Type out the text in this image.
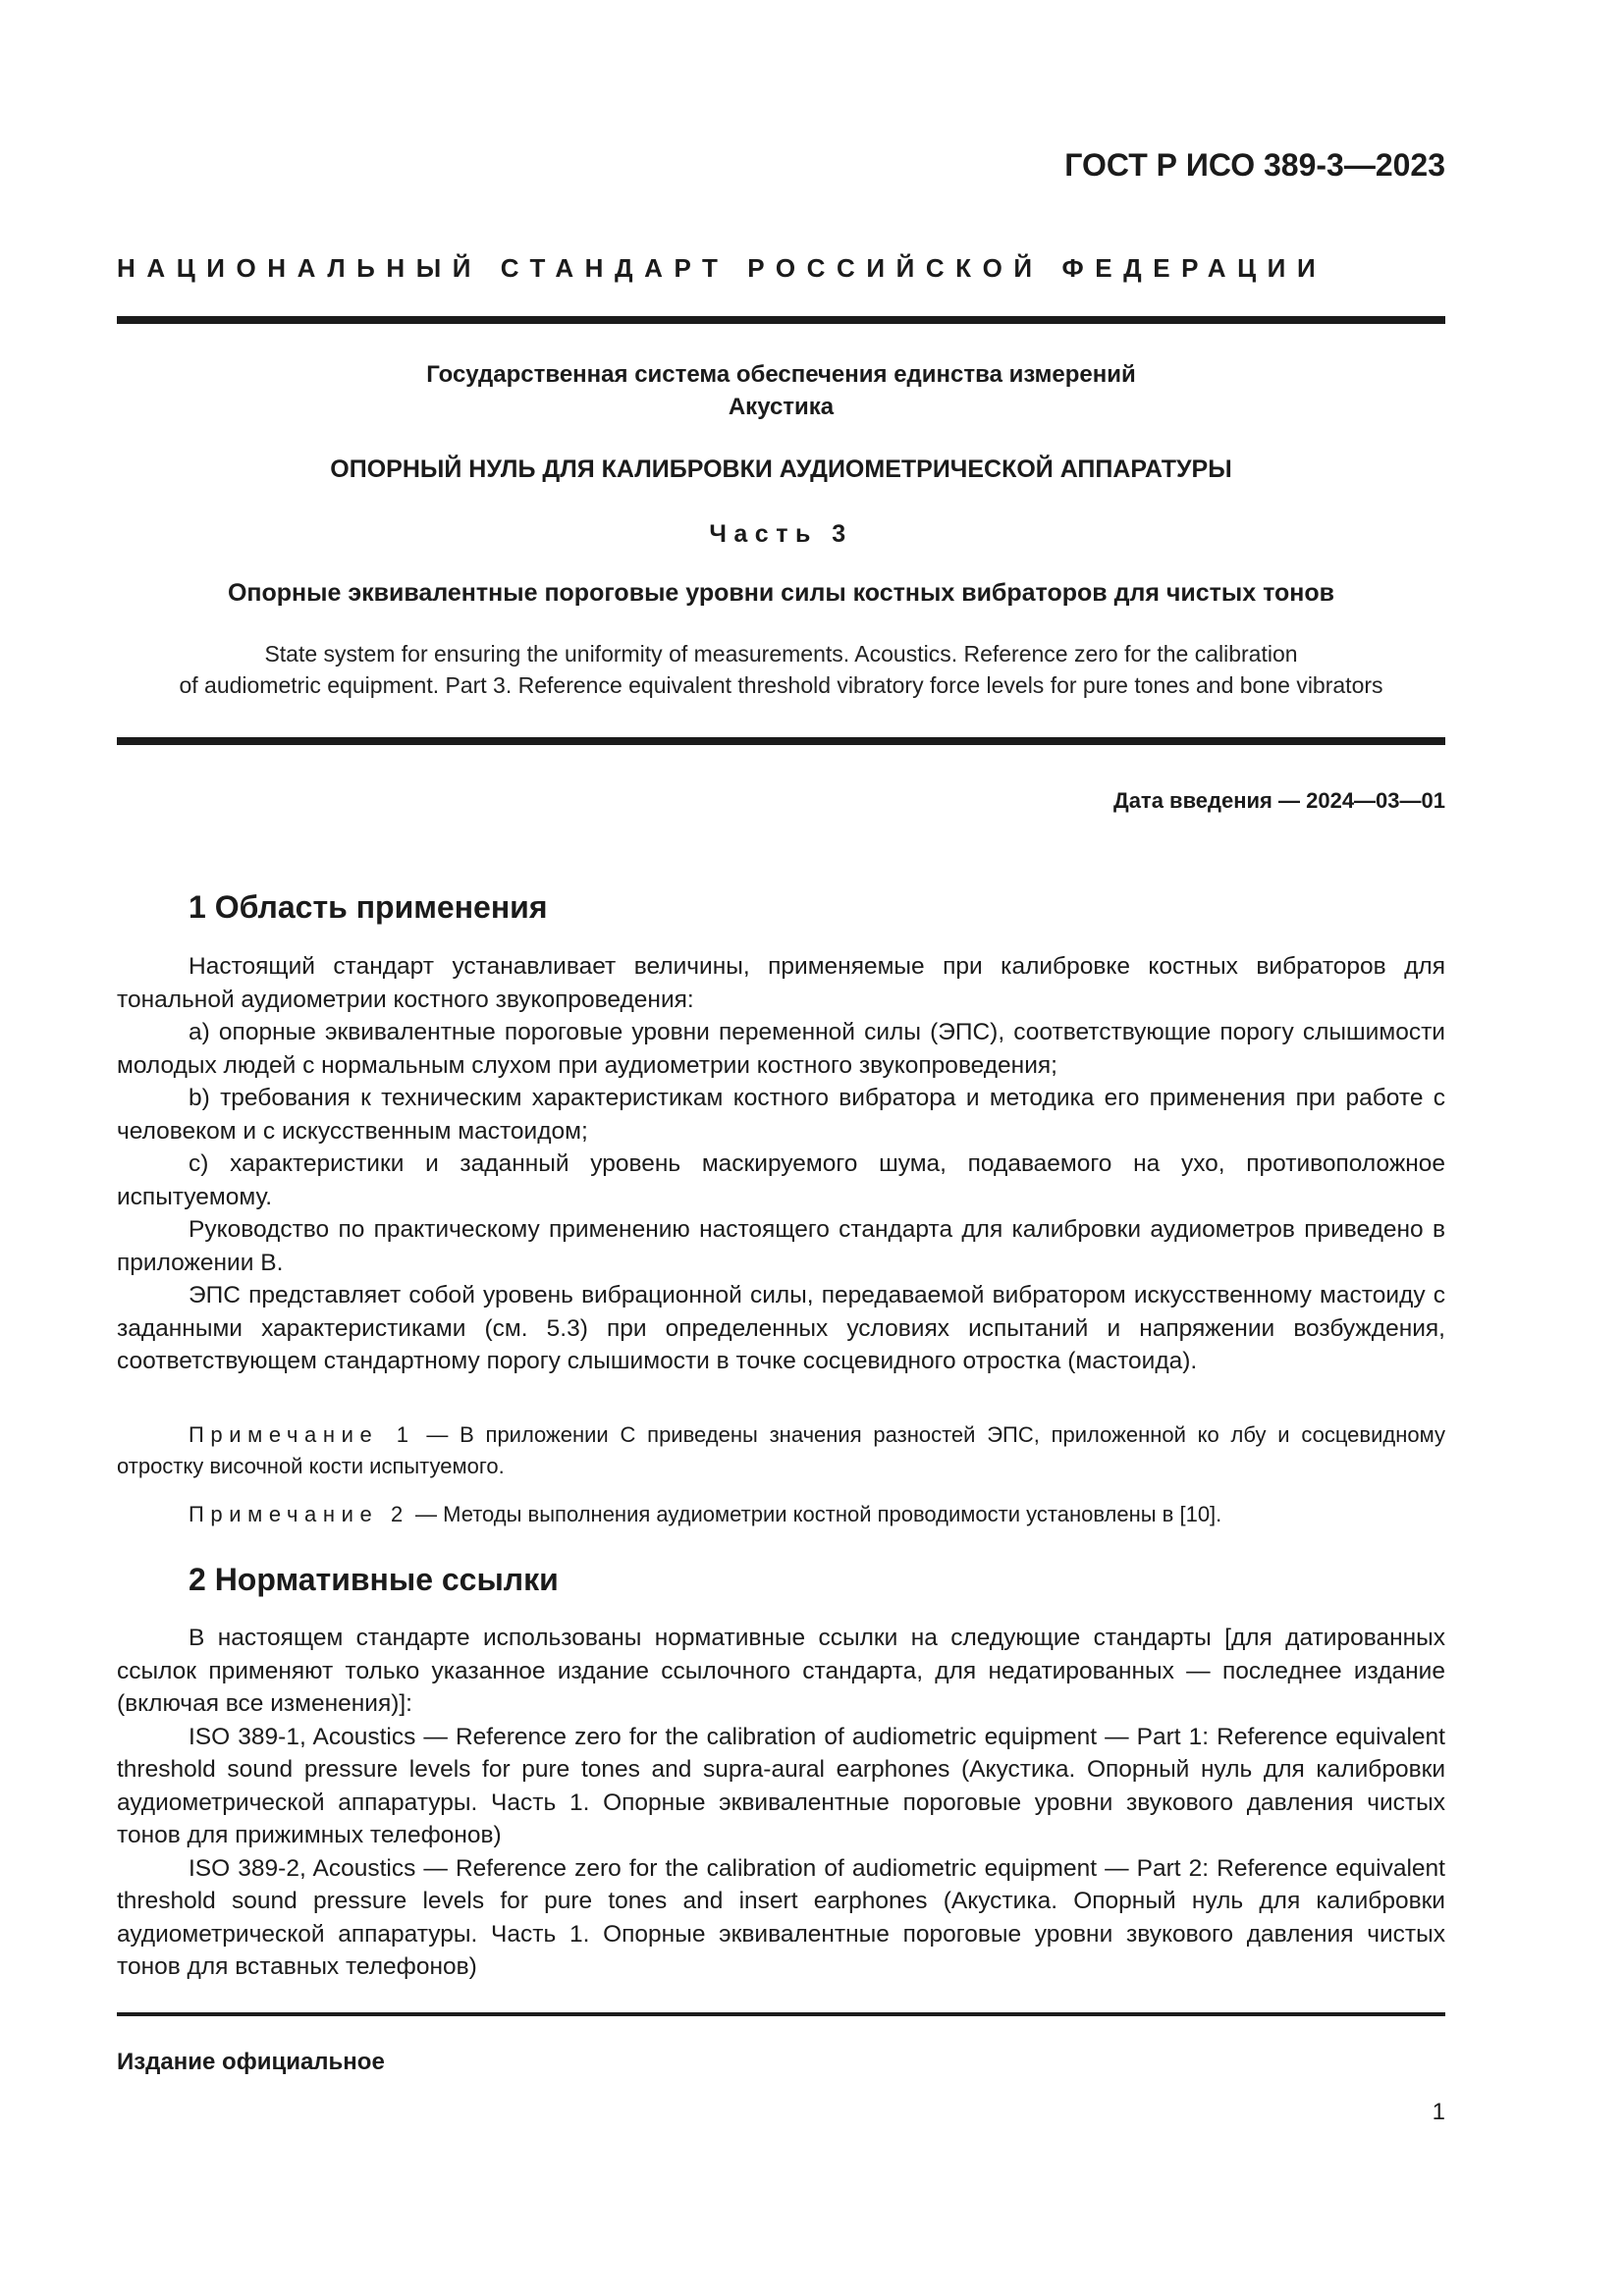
ГОСТ Р ИСО 389-3—2023
НАЦИОНАЛЬНЫЙ СТАНДАРТ РОССИЙСКОЙ ФЕДЕРАЦИИ
Государственная система обеспечения единства измерений
Акустика
ОПОРНЫЙ НУЛЬ ДЛЯ КАЛИБРОВКИ АУДИОМЕТРИЧЕСКОЙ АППАРАТУРЫ
Часть 3
Опорные эквивалентные пороговые уровни силы костных вибраторов для чистых тонов
State system for ensuring the uniformity of measurements. Acoustics. Reference zero for the calibration
of audiometric equipment. Part 3. Reference equivalent threshold vibratory force levels for pure tones and bone vibrators
Дата введения — 2024—03—01
1 Область применения

Настоящий стандарт устанавливает величины, применяемые при калибровке костных вибраторов для тональной аудиометрии костного звукопроведения:

a) опорные эквивалентные пороговые уровни переменной силы (ЭПС), соответствующие порогу слышимости молодых людей с нормальным слухом при аудиометрии костного звукопроведения;

b) требования к техническим характеристикам костного вибратора и методика его применения при работе с человеком и с искусственным мастоидом;

c) характеристики и заданный уровень маскируемого шума, подаваемого на ухо, противоположное испытуемому.

Руководство по практическому применению настоящего стандарта для калибровки аудиометров приведено в приложении B.

ЭПС представляет собой уровень вибрационной силы, передаваемой вибратором искусственному мастоиду с заданными характеристиками (см. 5.3) при определенных условиях испытаний и напряжении возбуждения, соответствующем стандартному порогу слышимости в точке сосцевидного отростка (мастоида).

Примечание 1 — В приложении C приведены значения разностей ЭПС, приложенной ко лбу и сосцевидному отростку височной кости испытуемого.

Примечание 2 — Методы выполнения аудиометрии костной проводимости установлены в [10].

2 Нормативные ссылки

В настоящем стандарте использованы нормативные ссылки на следующие стандарты [для датированных ссылок применяют только указанное издание ссылочного стандарта, для недатированных — последнее издание (включая все изменения)]:

ISO 389-1, Acoustics — Reference zero for the calibration of audiometric equipment — Part 1: Reference equivalent threshold sound pressure levels for pure tones and supra-aural earphones (Акустика. Опорный нуль для калибровки аудиометрической аппаратуры. Часть 1. Опорные эквивалентные пороговые уровни звукового давления чистых тонов для прижимных телефонов)

ISO 389-2, Acoustics — Reference zero for the calibration of audiometric equipment — Part 2: Reference equivalent threshold sound pressure levels for pure tones and insert earphones (Акустика. Опорный нуль для калибровки аудиометрической аппаратуры. Часть 1. Опорные эквивалентные пороговые уровни звукового давления чистых тонов для вставных телефонов)

Издание официальное
1
